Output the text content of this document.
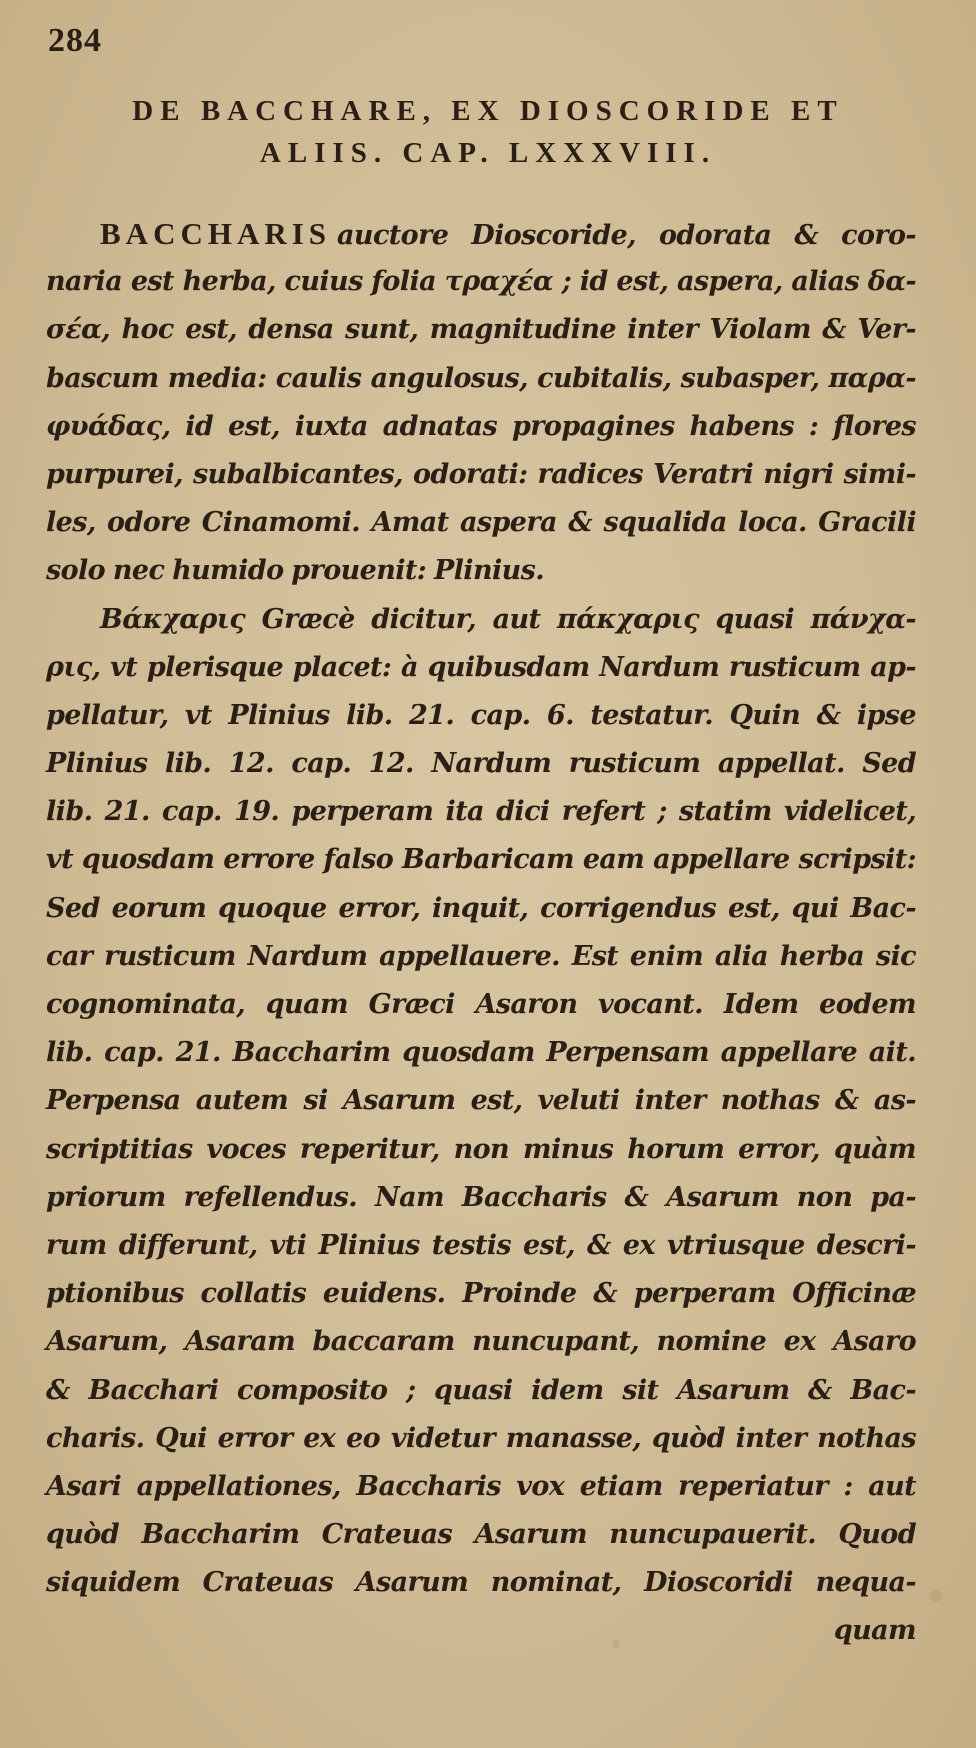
284
DE BACCHARE, EX DIOSCORIDE ET
ALIIS. CAP. LXXXVIII.
BACCHARIS auctore Dioscoride, odorata & coro-
naria est herba, cuius folia τραχέα ; id est, aspera, alias δα-
σέα, hoc est, densa sunt, magnitudine inter Violam & Ver-
bascum media: caulis angulosus, cubitalis, subasper, παρα-
φυάδας, id est, iuxta adnatas propagines habens : flores
purpurei, subalbicantes, odorati: radices Veratri nigri simi-
les, odore Cinamomi. Amat aspera & squalida loca. Gracili
solo nec humido prouenit: Plinius.
Βάκχαρις Græcè dicitur, aut πάκχαρις quasi πάνχα-
ρις, vt plerisque placet: à quibusdam Nardum rusticum ap-
pellatur, vt Plinius lib. 21. cap. 6. testatur. Quin & ipse
Plinius lib. 12. cap. 12. Nardum rusticum appellat. Sed
lib. 21. cap. 19. perperam ita dici refert ; statim videlicet,
vt quosdam errore falso Barbaricam eam appellare scripsit:
Sed eorum quoque error, inquit, corrigendus est, qui Bac-
car rusticum Nardum appellauere. Est enim alia herba sic
cognominata, quam Græci Asaron vocant. Idem eodem
lib. cap. 21. Baccharim quosdam Perpensam appellare ait.
Perpensa autem si Asarum est, veluti inter nothas & as-
scriptitias voces reperitur, non minus horum error, quàm
priorum refellendus. Nam Baccharis & Asarum non pa-
rum differunt, vti Plinius testis est, & ex vtriusque descri-
ptionibus collatis euidens. Proinde & perperam Officinæ
Asarum, Asaram baccaram nuncupant, nomine ex Asaro
& Bacchari composito ; quasi idem sit Asarum & Bac-
charis. Qui error ex eo videtur manasse, quòd inter nothas
Asari appellationes, Baccharis vox etiam reperiatur : aut
quòd Baccharim Crateuas Asarum nuncupauerit. Quod
siquidem Crateuas Asarum nominat, Dioscoridi nequa-
quam
